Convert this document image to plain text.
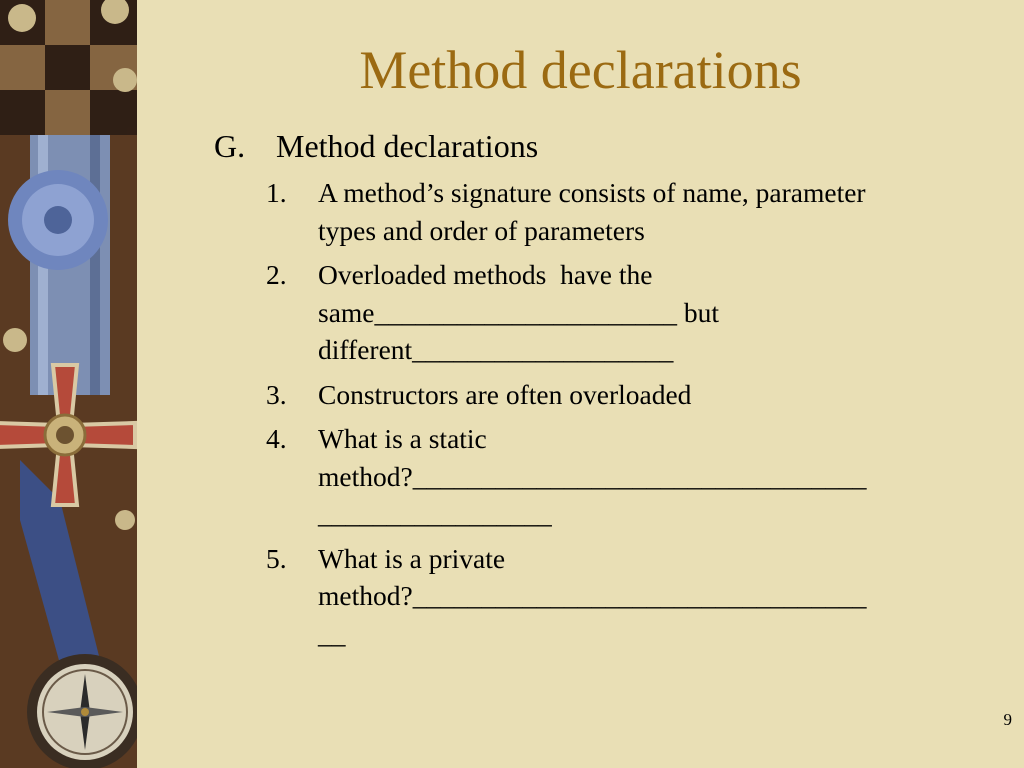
Method declarations
G. Method declarations
1. A method’s signature consists of name, parameter
types and order of parameters
2. Overloaded methods  have the
same______________________ but
different___________________
3. Constructors are often overloaded
4. What is a static
method?_________________________________
_________________
5. What is a private
method?_________________________________
__
9
